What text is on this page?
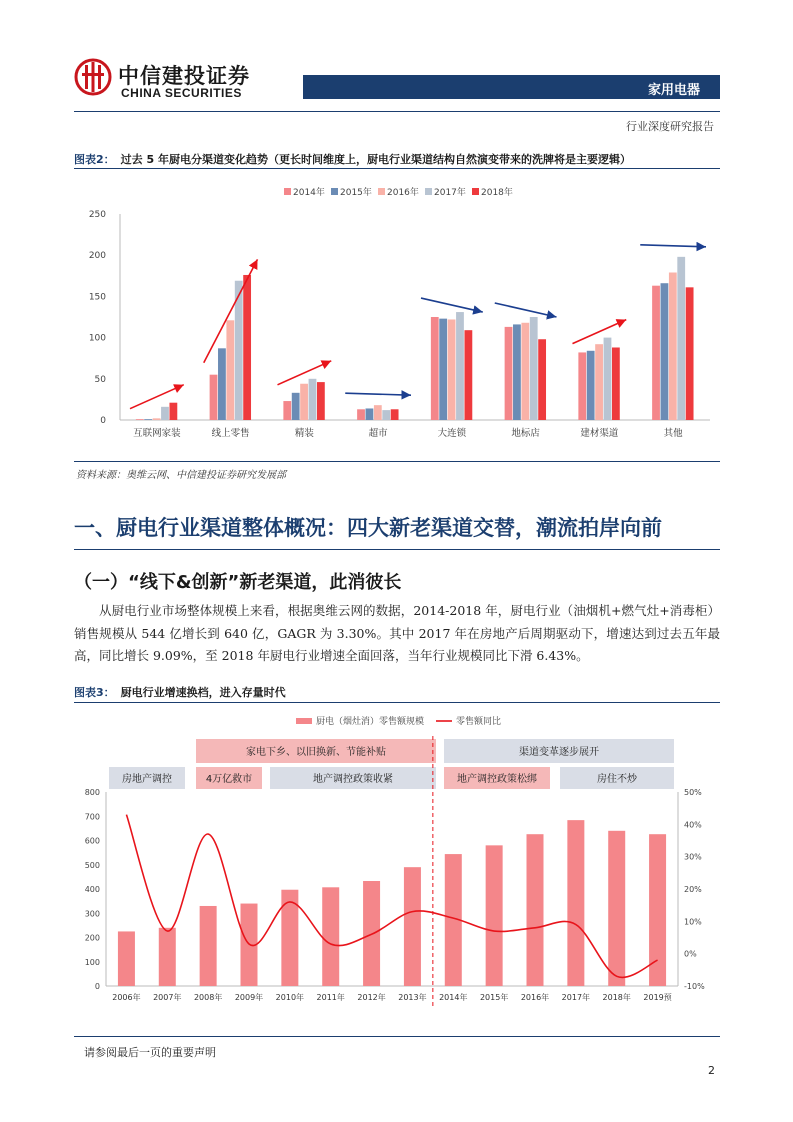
中信建投证券
CHINA SECURITIES	家用电器
行业深度研究报告
图表2： 过去 5 年厨电分渠道变化趋势（更长时间维度上，厨电行业渠道结构自然演变带来的洗牌将是主要逻辑）
2014年 2015年 2016年 2017年 2018年
0
50
100
150
200
250
互联网家装	线上零售	精装	超市	大连锁	地标店	建材渠道	其他
资料来源：奥维云网、中信建投证券研究发展部
一、厨电行业渠道整体概况：四大新老渠道交替，潮流拍岸向前
（一）“线下&创新”新老渠道，此消彼长
从厨电行业市场整体规模上来看，根据奥维云网的数据，2014-2018 年，厨电行业（油烟机+燃气灶+消毒柜）销售规模从 544 亿增长到 640 亿，GAGR 为 3.30%。其中 2017 年在房地产后周期驱动下，增速达到过去五年最高，同比增长 9.09%，至 2018 年厨电行业增速全面回落，当年行业规模同比下滑 6.43%。
图表3： 厨电行业增速换档，进入存量时代
家电下乡、以旧换新、节能补贴	渠道变革逐步展开
房地产调控	4万亿救市	地产调控政策收紧	地产调控政策松绑	房住不炒
厨电（烟灶消）零售额规模	零售额同比
0
100
200
300
400
500
600
700
800
-10%
0%
10%
20%
30%
40%
50%
2006年 2007年 2008年 2009年 2010年 2011年 2012年 2013年 2014年 2015年 2016年 2017年 2018年 2019预
请参阅最后一页的重要声明
2
